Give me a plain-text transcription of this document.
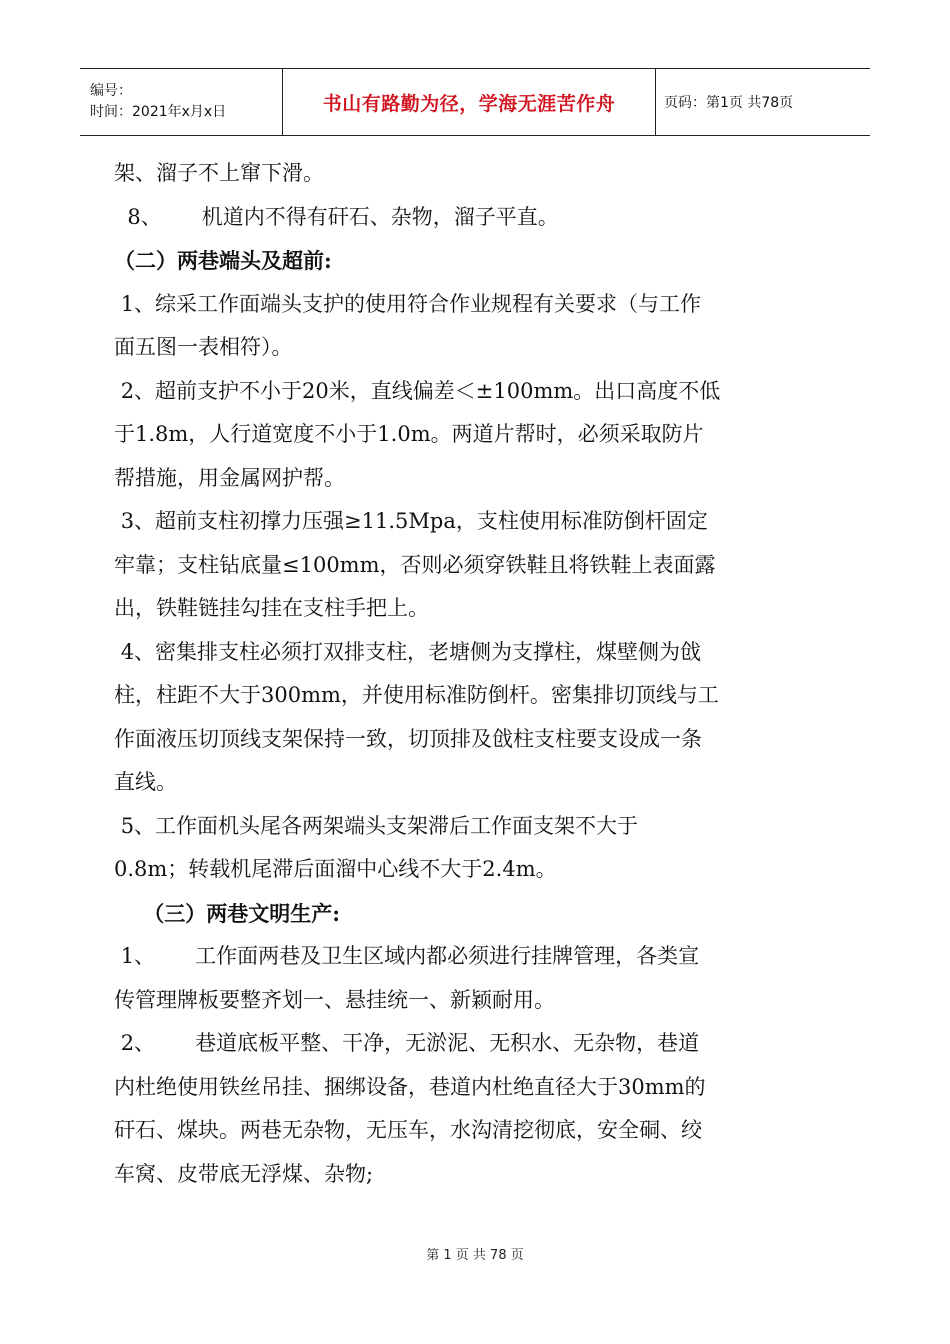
编号：
时间：2021年x月x日	书山有路勤为径，学海无涯苦作舟	页码：第1页 共78页

架、溜子不上窜下滑。

8、      机道内不得有矸石、杂物，溜子平直。

（二）两巷端头及超前:

1、综采工作面端头支护的使用符合作业规程有关要求（与工作

面五图一表相符）。

2、超前支护不小于20米，直线偏差＜±100mm。出口高度不低

于1.8m，人行道宽度不小于1.0m。两道片帮时，必须采取防片

帮措施，用金属网护帮。

3、超前支柱初撑力压强≥11.5Mpa，支柱使用标准防倒杆固定

牢靠；支柱钻底量≤100mm，否则必须穿铁鞋且将铁鞋上表面露

出，铁鞋链挂勾挂在支柱手把上。

4、密集排支柱必须打双排支柱，老塘侧为支撑柱，煤壁侧为戗

柱，柱距不大于300mm，并使用标准防倒杆。密集排切顶线与工

作面液压切顶线支架保持一致，切顶排及戗柱支柱要支设成一条

直线。

5、工作面机头尾各两架端头支架滞后工作面支架不大于

0.8m；转载机尾滞后面溜中心线不大于2.4m。

（三）两巷文明生产:

1、      工作面两巷及卫生区域内都必须进行挂牌管理，各类宣

传管理牌板要整齐划一、悬挂统一、新颖耐用。

2、      巷道底板平整、干净，无淤泥、无积水、无杂物，巷道

内杜绝使用铁丝吊挂、捆绑设备，巷道内杜绝直径大于30mm的

矸石、煤块。两巷无杂物，无压车，水沟清挖彻底，安全硐、绞

车窝、皮带底无浮煤、杂物;

第 1 页 共 78 页
